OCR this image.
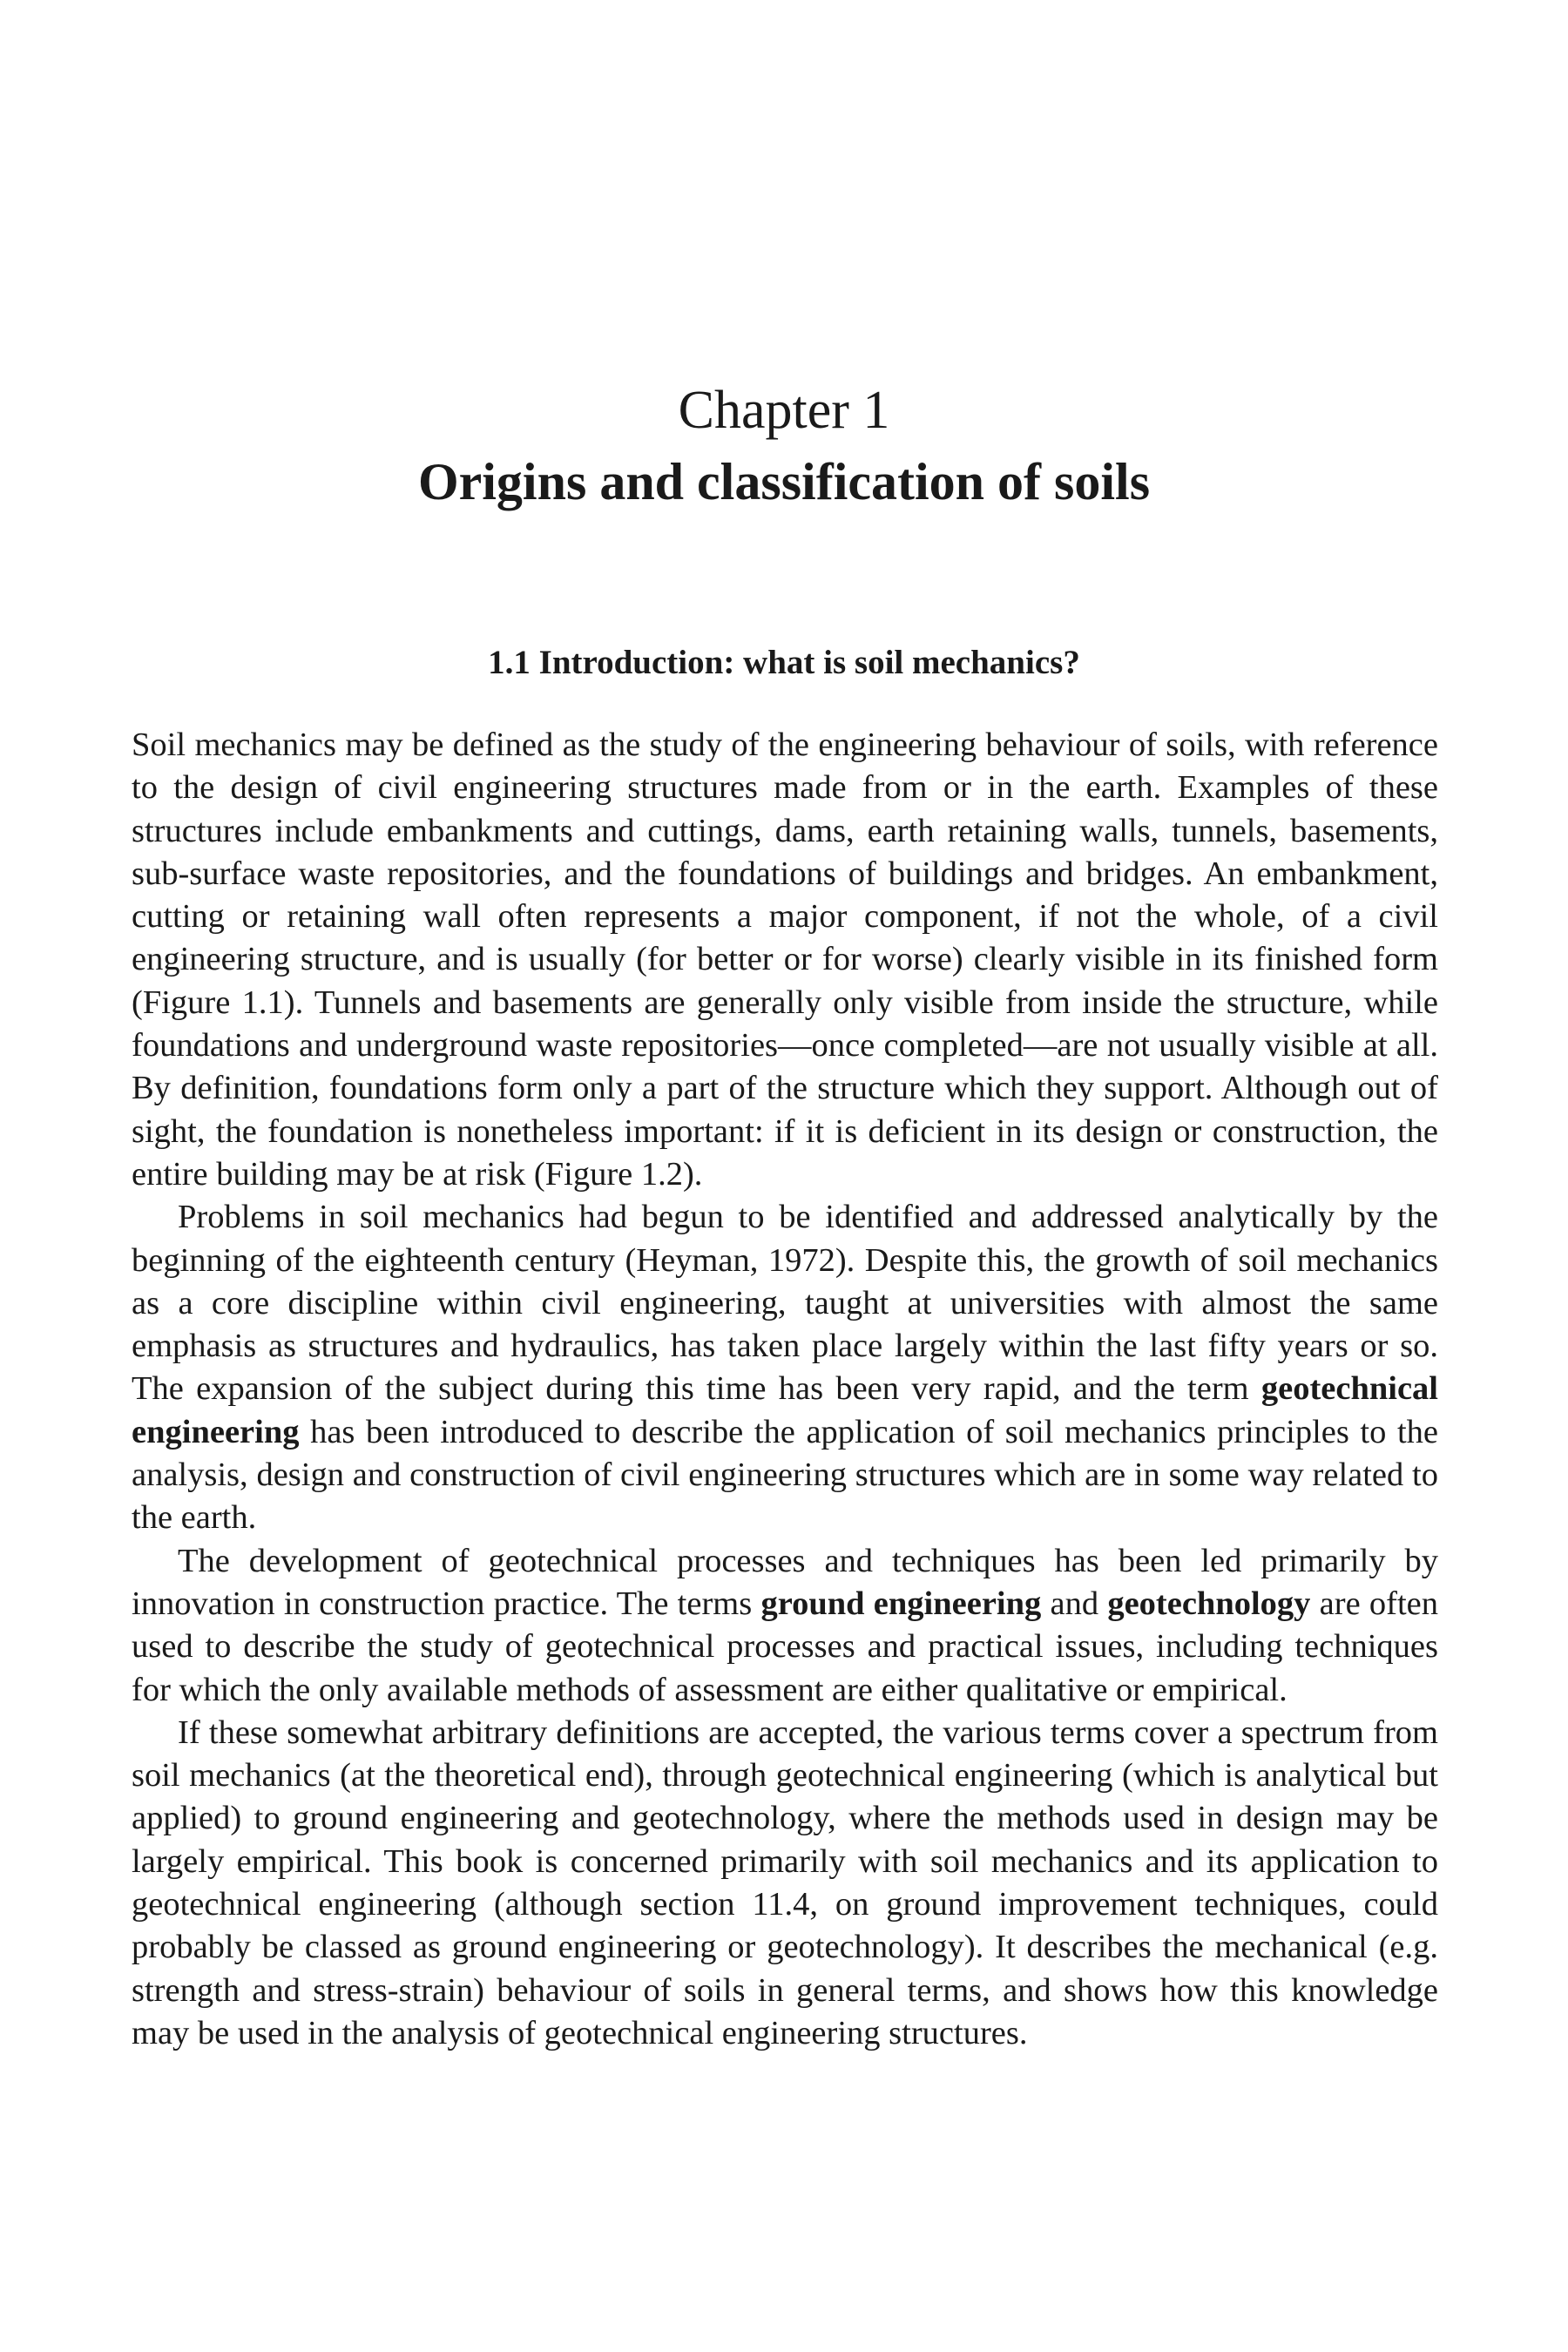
Chapter 1
Origins and classification of soils
1.1 Introduction: what is soil mechanics?

Soil mechanics may be defined as the study of the engineering behaviour of soils, with reference to the design of civil engineering structures made from or in the earth. Examples of these structures include embankments and cuttings, dams, earth retaining walls, tunnels, basements, sub-surface waste repositories, and the foundations of buildings and bridges. An embankment, cutting or retaining wall often represents a major component, if not the whole, of a civil engineering structure, and is usually (for better or for worse) clearly visible in its finished form (Figure 1.1). Tunnels and basements are generally only visible from inside the structure, while foundations and underground waste repositories—once completed—are not usually visible at all. By definition, foundations form only a part of the structure which they support. Although out of sight, the foundation is nonetheless important: if it is deficient in its design or construction, the entire building may be at risk (Figure 1.2).

Problems in soil mechanics had begun to be identified and addressed analytically by the beginning of the eighteenth century (Heyman, 1972). Despite this, the growth of soil mechanics as a core discipline within civil engineering, taught at universities with almost the same emphasis as structures and hydraulics, has taken place largely within the last fifty years or so. The expansion of the subject during this time has been very rapid, and the term geotechnical engineering has been introduced to describe the application of soil mechanics principles to the analysis, design and construction of civil engineering structures which are in some way related to the earth.

The development of geotechnical processes and techniques has been led primarily by innovation in construction practice. The terms ground engineering and geotechnology are often used to describe the study of geotechnical processes and practical issues, including techniques for which the only available methods of assessment are either qualitative or empirical.

If these somewhat arbitrary definitions are accepted, the various terms cover a spectrum from soil mechanics (at the theoretical end), through geotechnical engineering (which is analytical but applied) to ground engineering and geotechnology, where the methods used in design may be largely empirical. This book is concerned primarily with soil mechanics and its application to geotechnical engineering (although section 11.4, on ground improvement techniques, could probably be classed as ground engineering or geotechnology). It describes the mechanical (e.g. strength and stress-strain) behaviour of soils in general terms, and shows how this knowledge may be used in the analysis of geotechnical engineering structures.
